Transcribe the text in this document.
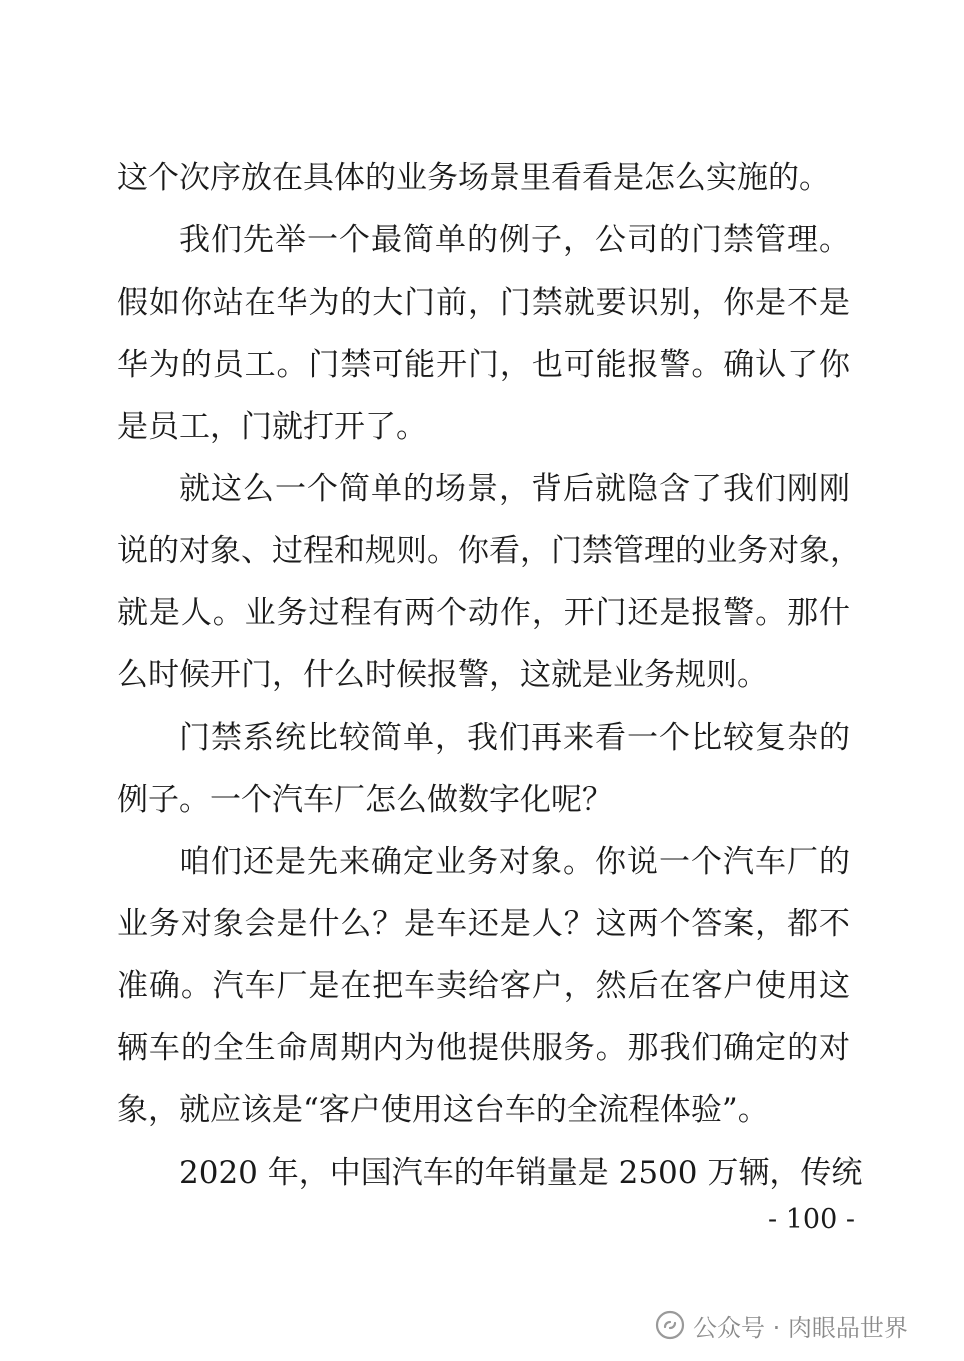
这个次序放在具体的业务场景里看看是怎么实施的。
我们先举一个最简单的例子，公司的门禁管理。
假如你站在华为的大门前，门禁就要识别，你是不是
华为的员工。门禁可能开门，也可能报警。确认了你
是员工，门就打开了。
就这么一个简单的场景，背后就隐含了我们刚刚
说的对象、过程和规则。你看，门禁管理的业务对象，
就是人。业务过程有两个动作，开门还是报警。那什
么时候开门，什么时候报警，这就是业务规则。
门禁系统比较简单，我们再来看一个比较复杂的
例子。一个汽车厂怎么做数字化呢？
咱们还是先来确定业务对象。你说一个汽车厂的
业务对象会是什么？是车还是人？这两个答案，都不
准确。汽车厂是在把车卖给客户，然后在客户使用这
辆车的全生命周期内为他提供服务。那我们确定的对
象，就应该是“客户使用这台车的全流程体验”。
2020 年，中国汽车的年销量是 2500 万辆，传统
- 100 -
公众号 · 肉眼品世界
